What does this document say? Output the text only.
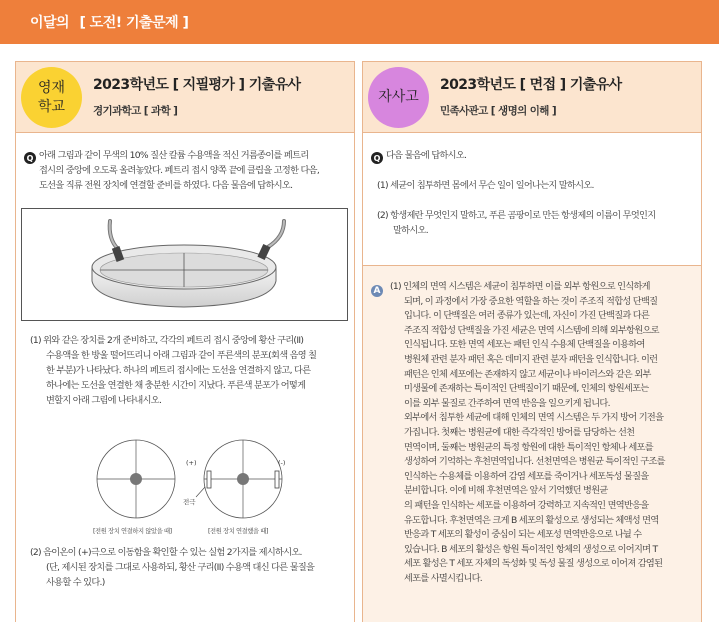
이달의 [ 도전! 기출문제 ]
영재학교
2023학년도 [ 지필평가 ] 기출유사
경기과학고 [ 과학 ]
Q 아래 그림과 같이 무색의 10% 질산 칼륨 수용액을 적신 거름종이를 페트리
접시의 중앙에 오도록 올려놓았다. 페트리 접시 양쪽 끝에 클립을 고정한 다음,
도선을 직류 전원 장치에 연결할 준비를 하였다. 다음 물음에 답하시오.
(1) 위와 같은 장치를 2개 준비하고, 각각의 페트리 접시 중앙에 황산 구리(II)
수용액을 한 방울 떨어뜨리니 아래 그림과 같이 푸른색의 분포(회색 음영 칠
한 부분)가 나타났다. 하나의 페트리 접시에는 도선을 연결하지 않고, 다른
하나에는 도선을 연결한 채 충분한 시간이 지났다. 푸른색 분포가 어떻게
변할지 아래 그림에 나타내시오.
(+)	(-)
전극
[전원 장치 연결하지 않았을 때]	[전원 장치 연결했을 때]
(2) 음이온이 (+)극으로 이동함을 확인할 수 있는 실험 2가지를 제시하시오.
(단, 제시된 장치를 그대로 사용하되, 황산 구리(II) 수용액 대신 다른 물질을
사용할 수 있다.)
자사고
2023학년도 [ 면접 ] 기출유사
민족사관고 [ 생명의 이해 ]
Q 다음 물음에 답하시오.
(1) 세균이 침투하면 몸에서 무슨 일이 일어나는지 말하시오.
(2) 항생제란 무엇인지 말하고, 푸른 곰팡이로 만든 항생제의 이름이 무엇인지
말하시오.
A (1) 인체의 면역 시스템은 세균이 침투하면 이를 외부 항원으로 인식하게
되며, 이 과정에서 가장 중요한 역할을 하는 것이 주조직 적합성 단백질
입니다. 이 단백질은 여러 종류가 있는데, 자신이 가진 단백질과 다른
주조직 적합성 단백질을 가진 세균은 면역 시스템에 의해 외부항원으로
인식됩니다. 또한 면역 세포는 패턴 인식 수용체 단백질을 이용하여
병원체 관련 분자 패턴 혹은 데미지 관련 분자 패턴을 인식합니다. 이런
패턴은 인체 세포에는 존재하지 않고 세균이나 바이러스와 같은 외부
미생물에 존재하는 특이적인 단백질이기 때문에, 인체의 항원세포는
이를 외부 물질로 간주하여 면역 반응을 일으키게 됩니다.
외부에서 침투한 세균에 대해 인체의 면역 시스템은 두 가지 방어 기전을
가집니다. 첫째는 병원균에 대한 즉각적인 방어를 담당하는 선천
면역이며, 둘째는 병원균의 특정 항원에 대한 특이적인 항체나 세포를
생성하여 기억하는 후천면역입니다. 선천면역은 병원균 특이적인 구조를
인식하는 수용체를 이용하여 감염 세포를 죽이거나 세포독성 물질을
분비합니다. 이에 비해 후천면역은 앞서 기억했던 병원균
의 패턴을 인식하는 세포를 이용하여 강력하고 지속적인 면역반응을
유도합니다. 후천면역은 크게 B 세포의 활성으로 생성되는 체액성 면역
반응과 T 세포의 활성이 중심이 되는 세포성 면역반응으로 나뉠 수
있습니다. B 세포의 활성은 항원 특이적인 항체의 생성으로 이어지며 T
세포 활성은 T 세포 자체의 독성화 및 독성 물질 생성으로 이어져 감염된
세포를 사멸시킵니다.
